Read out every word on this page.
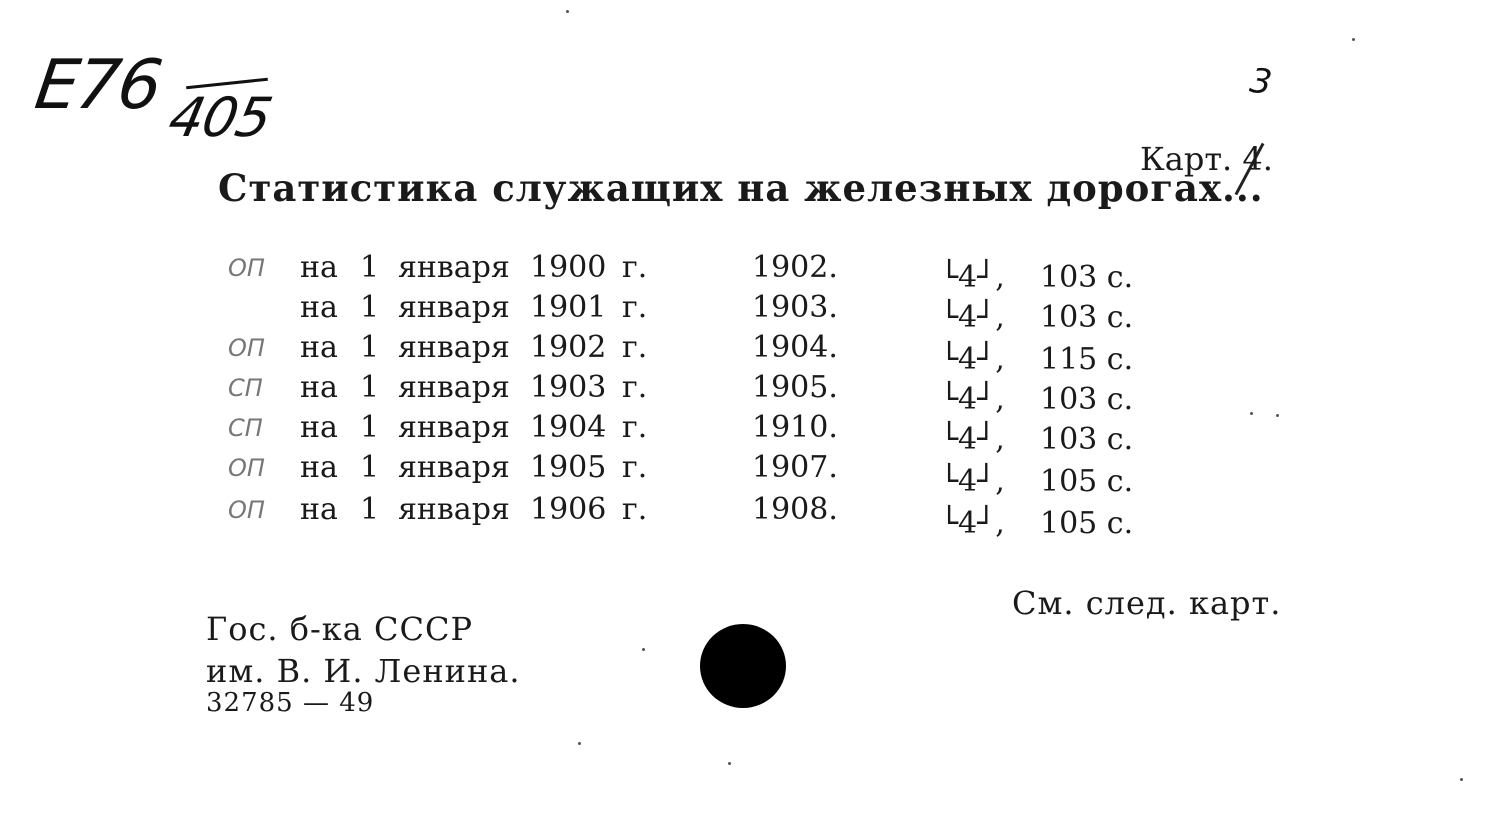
E76
405
3
Карт. 4.
Статистика служащих на железных дорогах...
ОП на 1 января 1900 г.	1902.	└4┘, 103 с.
на 1 января 1901 г.	1903.	└4┘, 103 с.
ОП на 1 января 1902 г.	1904.	└4┘, 115 с.
СП на 1 января 1903 г.	1905.	└4┘, 103 с.
СП на 1 января 1904 г.	1910.	└4┘, 103 с.
ОП на 1 января 1905 г.	1907.	└4┘, 105 с.
ОП на 1 января 1906 г.	1908.	└4┘, 105 с.
См. след. карт.
Гос. б-ка СССР
им. В. И. Ленина.
32785 — 49
